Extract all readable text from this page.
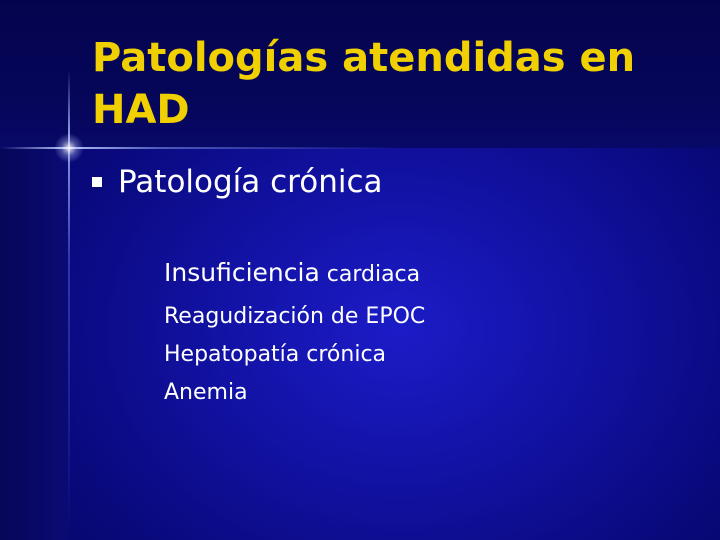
Patologías atendidas en HAD
Patología crónica
Insuficiencia cardiaca
Reagudización de EPOC
Hepatopatía crónica
Anemia
